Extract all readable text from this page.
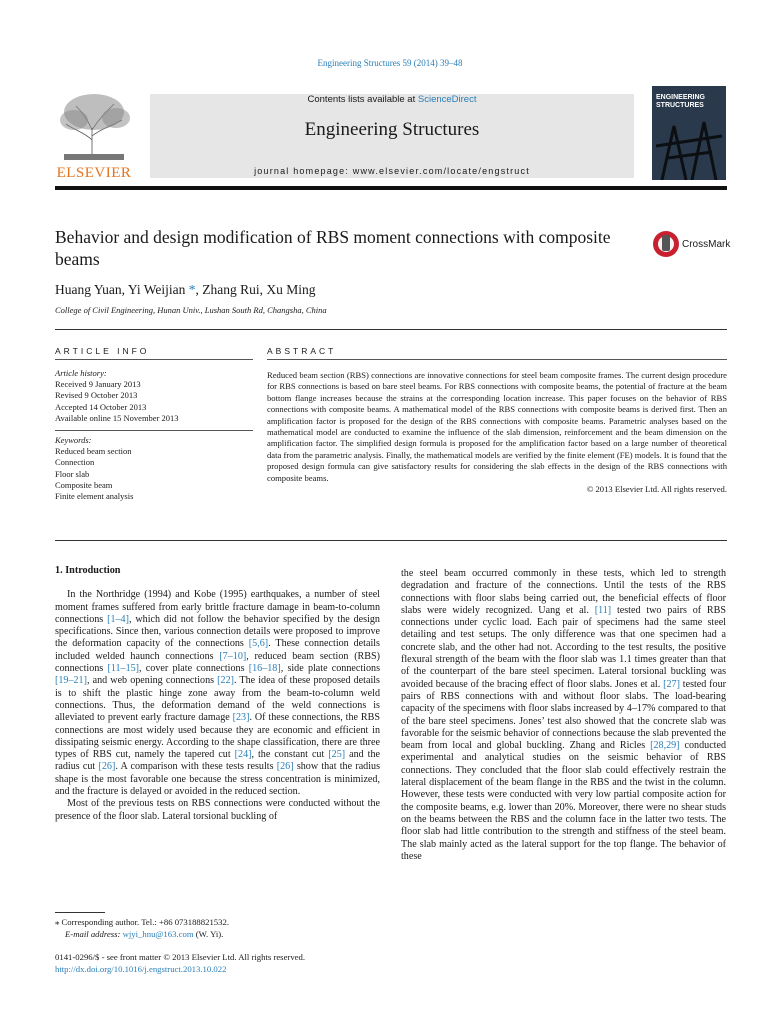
Engineering Structures 59 (2014) 39–48
ELSEVIER
Contents lists available at ScienceDirect
Engineering Structures
journal homepage: www.elsevier.com/locate/engstruct
ENGINEERING
STRUCTURES
Behavior and design modification of RBS moment connections with composite beams
CrossMark
Huang Yuan, Yi Weijian *, Zhang Rui, Xu Ming
College of Civil Engineering, Hunan Univ., Lushan South Rd, Changsha, China
ARTICLE INFO
Article history:
Received 9 January 2013
Revised 9 October 2013
Accepted 14 October 2013
Available online 15 November 2013
Keywords:
Reduced beam section
Connection
Floor slab
Composite beam
Finite element analysis
ABSTRACT
Reduced beam section (RBS) connections are innovative connections for steel beam composite frames. The current design procedure for RBS connections is based on bare steel beams. For RBS connections with composite beams, the potential of fracture at the beam bottom flange increases because the strains at the corresponding location increase. This paper focuses on the behavior of RBS connections with composite beams. A mathematical model of the RBS connections with composite beams is derived first. Then an amplification factor is proposed for the design of the RBS connections with composite beams. Parametric analyses based on the mathematical model are conducted to examine the influence of the slab dimension, reinforcement and the beam dimension on the amplification factor. The simplified design formula is proposed for the amplification factor based on a large number of theoretical data from the parametric analysis. Finally, the mathematical models are verified by the finite element (FE) models. It is found that the proposed design formula can give satisfactory results for considering the slab effects in the design of the RBS connections with composite beams.
© 2013 Elsevier Ltd. All rights reserved.

1. Introduction

In the Northridge (1994) and Kobe (1995) earthquakes, a number of steel moment frames suffered from early brittle fracture damage in beam-to-column connections [1–4], which did not follow the behavior specified by the design specifications. Since then, various connection details were proposed to improve the deformation capacity of the connections [5,6]. These connection details included welded haunch connections [7–10], reduced beam section (RBS) connections [11–15], cover plate connections [16–18], side plate connections [19–21], and web opening connections [22]. The idea of these proposed details is to shift the plastic hinge zone away from the beam-to-column weld connections. Thus, the deformation demand of the weld connections is alleviated to prevent early fracture damage [23]. Of these connections, the RBS connections are most widely used because they are economic and efficient in dissipating seismic energy. According to the shape classification, there are three types of RBS cut, namely the tapered cut [24], the constant cut [25] and the radius cut [26]. A comparison with these tests results [26] show that the radius shape is the most favorable one because the stress concentration is minimized, and the fracture is delayed or avoided in the reduced section.

Most of the previous tests on RBS connections were conducted without the presence of the floor slab. Lateral torsional buckling of

the steel beam occurred commonly in these tests, which led to strength degradation and fracture of the connections. Until the tests of the RBS connections with floor slabs being carried out, the beneficial effects of floor slabs were widely recognized. Uang et al. [11] tested two pairs of RBS connections under cyclic load. Each pair of specimens had the same steel detailing and test setups. The only difference was that one specimen had a concrete slab, and the other had not. According to the test results, the positive flexural strength of the beam with the floor slab was 1.1 times greater than that of the counterpart of the bare steel specimen. Lateral torsional buckling was avoided because of the bracing effect of floor slabs. Jones et al. [27] tested four pairs of RBS connections with and without floor slabs. The load-bearing capacity of the specimens with floor slabs increased by 4–17% compared to that of the bare steel specimens. Jones’ test also showed that the concrete slab was favorable for the seismic behavior of connections because the slab prevented the beam from local and global buckling. Zhang and Ricles [28,29] conducted experimental and analytical studies on the seismic behavior of RBS connections. They concluded that the floor slab could effectively restrain the lateral displacement of the beam flange in the RBS and the twist in the column. However, these tests were conducted with very low partial composite action for the composite beams, e.g. lower than 20%. Moreover, there were no shear studs on the beams between the RBS and the column face in the latter two tests. The floor slab had little contribution to the strength and stiffness of the steel beam. The slab mainly acted as the lateral support for the top flange. The behavior of these

⁎ Corresponding author. Tel.: +86 073188821532.
E-mail address: wjyi_hnu@163.com (W. Yi).
0141-0296/$ - see front matter © 2013 Elsevier Ltd. All rights reserved.
http://dx.doi.org/10.1016/j.engstruct.2013.10.022
